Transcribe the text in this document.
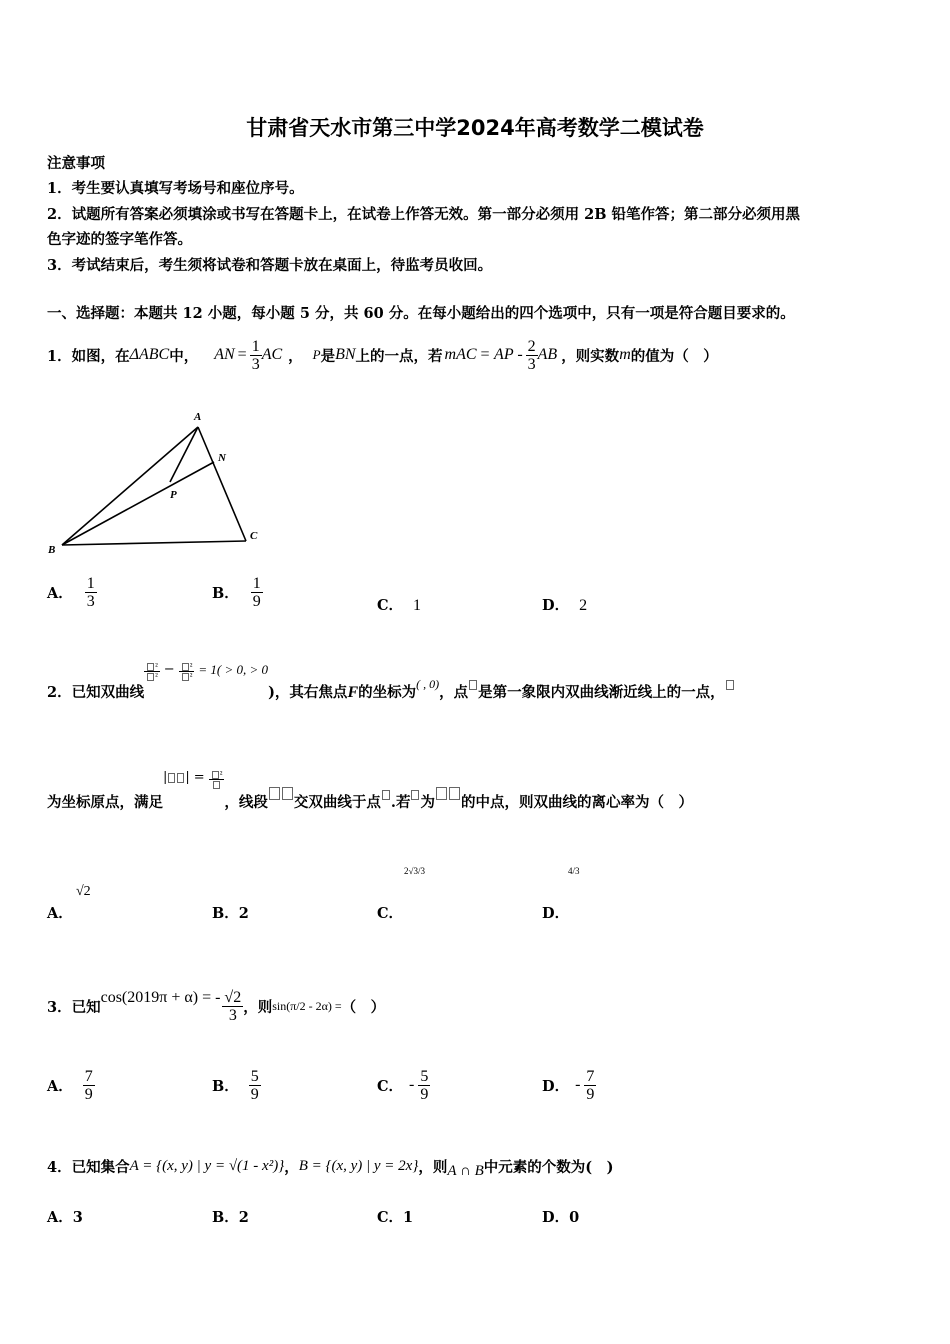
甘肃省天水市第三中学2024年高考数学二模试卷
注意事项
1．考生要认真填写考场号和座位序号。
2．试题所有答案必须填涂或书写在答题卡上，在试卷上作答无效。第一部分必须用 2B 铅笔作答；第二部分必须用黑
色字迹的签字笔作答。
3．考试结束后，考生须将试卷和答题卡放在桌面上，待监考员收回。
一、选择题：本题共 12 小题，每小题 5 分，共 60 分。在每小题给出的四个选项中，只有一项是符合题目要求的。
1．如图，在 ΔABC 中， AN = $\frac{1}{3}$ AC ， P 是 BN 上的一点，若 mAC = AP - $\frac{2}{3}$ AB ，则实数 m 的值为（　）
A
N
P
B
C
A． $\frac{1}{3}$	B． $\frac{1}{9}$	C． 1	D． 2
2．已知双曲线
$\frac{\text{²}}{\text{²}} - \frac{\text{²}}{\text{²}} = 1( > 0$, > 0
)，其右焦点 F 的坐标为 ( , 0) ，点 是第一象限内双曲线渐近线上的一点，
为坐标原点，满足
| | =	²
，线段 交双曲线于点 .若 为 的中点，则双曲线的离心率为（　）
A．
√2
B．2	C．
2√3/3
D．
4/3
3．已知
cos(2019π + α) = - $\frac{√2}{3}$ ，则 sin(π/2 - 2α) = （　）
A． $\frac{7}{9}$	B． $\frac{5}{9}$	C． - $\frac{5}{9}$	D． - $\frac{7}{9}$
4．已知集合 A = {(x, y) | y = √(1 - x²)} ， B = {(x, y) | y = 2x} ，则 A ∩ B 中元素的个数为(　)
A．3	B．2	C．1	D．0
